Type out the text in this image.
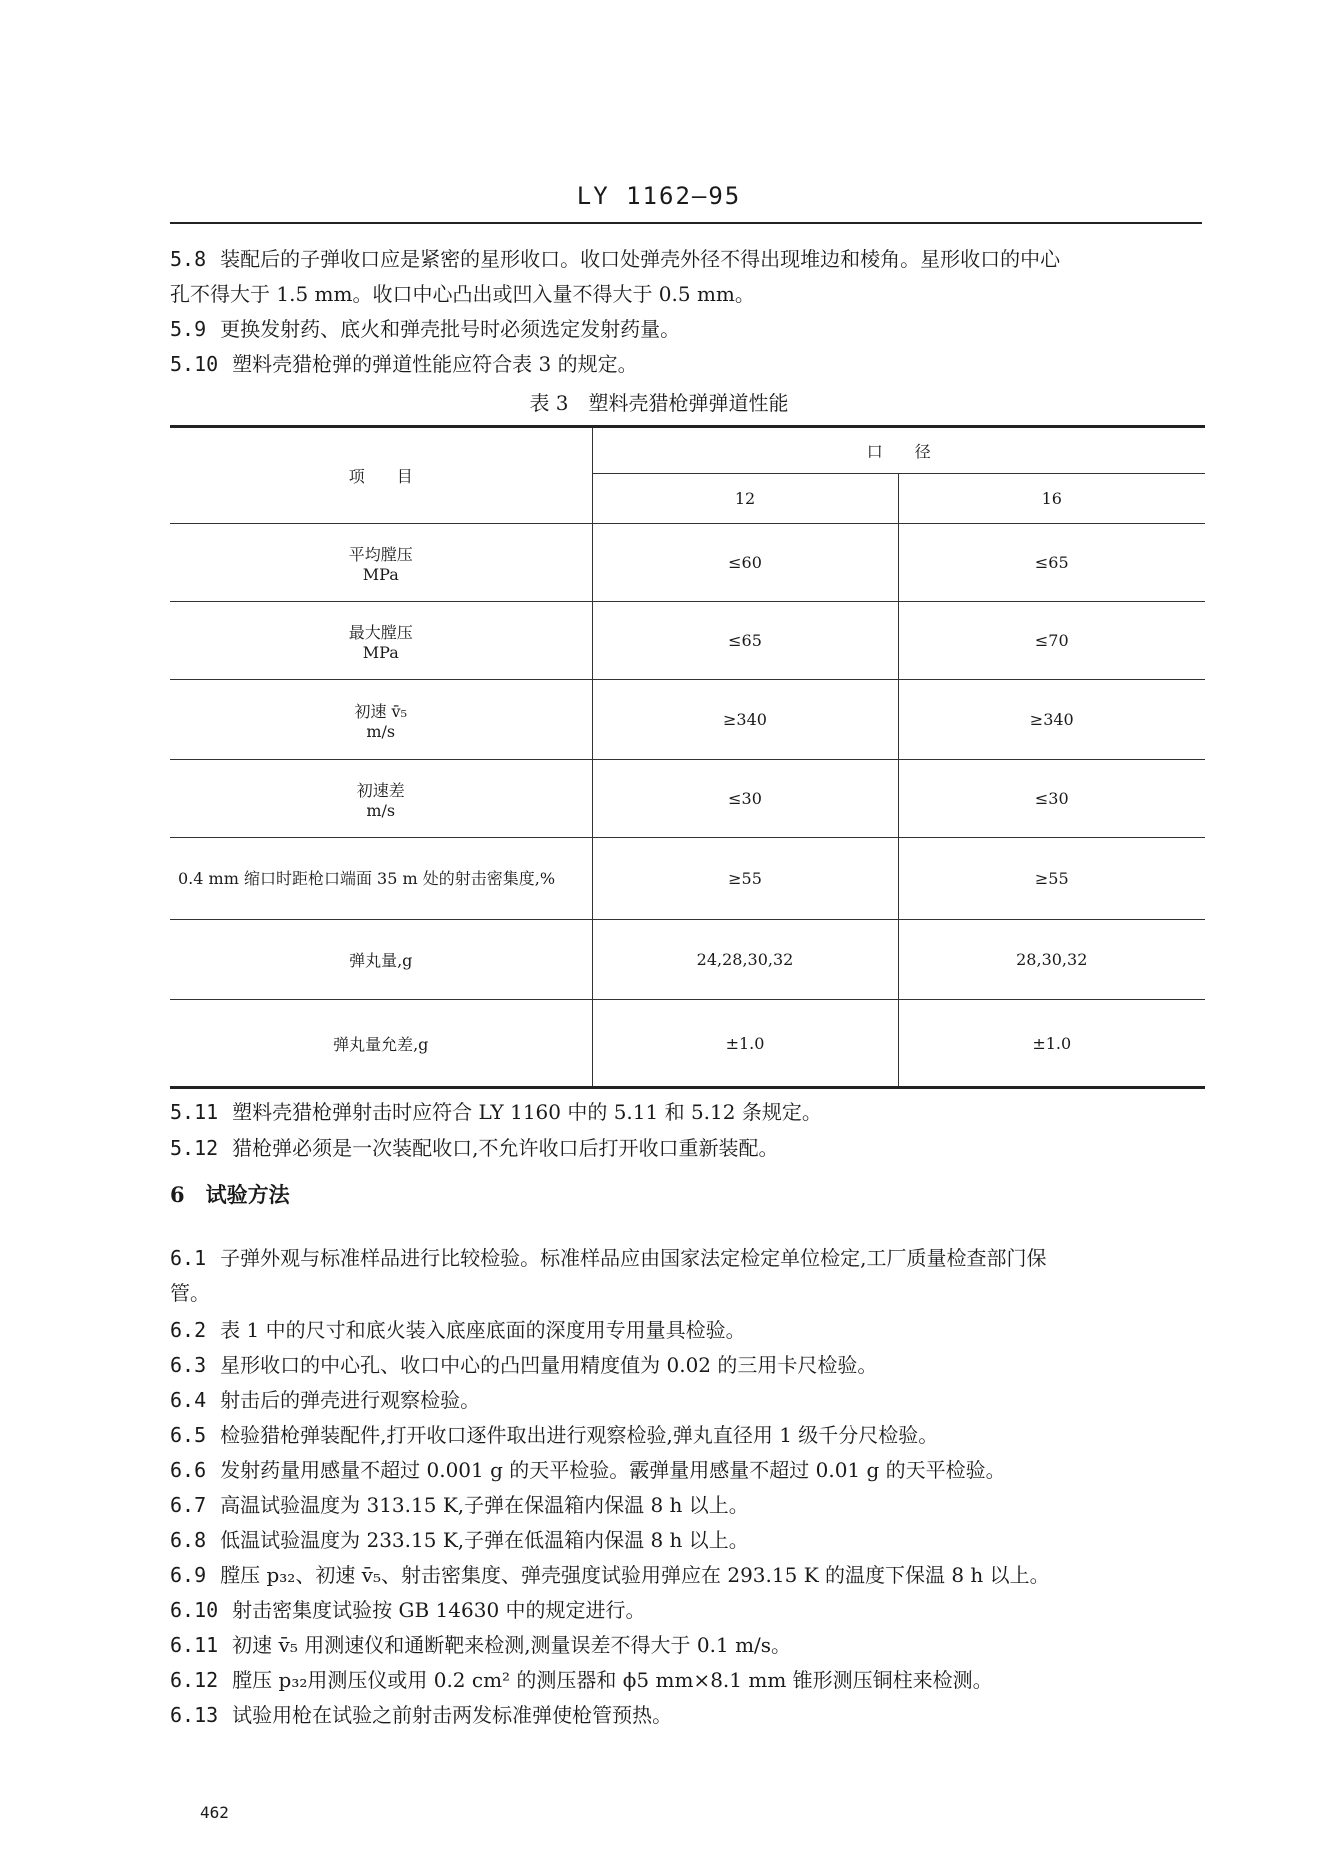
LY 1162—95
5.8 装配后的子弹收口应是紧密的星形收口。收口处弹壳外径不得出现堆边和棱角。星形收口的中心
孔不得大于 1.5 mm。收口中心凸出或凹入量不得大于 0.5 mm。
5.9 更换发射药、底火和弹壳批号时必须选定发射药量。
5.10 塑料壳猎枪弹的弹道性能应符合表 3 的规定。
表 3　塑料壳猎枪弹弹道性能
项　　目	口　　径	
	12	16

平均膛压
MPa	≤60	≤65

最大膛压
MPa	≤65	≤70

初速 v̄₅
m/s	≥340	≥340

初速差
m/s	≤30	≤30
0.4 mm 缩口时距枪口端面 35 m 处的射击密集度,%	≥55	≥55
弹丸量,g	24,28,30,32	28,30,32
弹丸量允差,g	±1.0	±1.0
5.11 塑料壳猎枪弹射击时应符合 LY 1160 中的 5.11 和 5.12 条规定。
5.12 猎枪弹必须是一次装配收口,不允许收口后打开收口重新装配。
6　试验方法
6.1 子弹外观与标准样品进行比较检验。标准样品应由国家法定检定单位检定,工厂质量检查部门保
管。
6.2 表 1 中的尺寸和底火装入底座底面的深度用专用量具检验。
6.3 星形收口的中心孔、收口中心的凸凹量用精度值为 0.02 的三用卡尺检验。
6.4 射击后的弹壳进行观察检验。
6.5 检验猎枪弹装配件,打开收口逐件取出进行观察检验,弹丸直径用 1 级千分尺检验。
6.6 发射药量用感量不超过 0.001 g 的天平检验。霰弹量用感量不超过 0.01 g 的天平检验。
6.7 高温试验温度为 313.15 K,子弹在保温箱内保温 8 h 以上。
6.8 低温试验温度为 233.15 K,子弹在低温箱内保温 8 h 以上。
6.9 膛压 p₃₂、初速 v̄₅、射击密集度、弹壳强度试验用弹应在 293.15 K 的温度下保温 8 h 以上。
6.10 射击密集度试验按 GB 14630 中的规定进行。
6.11 初速 v̄₅ 用测速仪和通断靶来检测,测量误差不得大于 0.1 m/s。
6.12 膛压 p₃₂用测压仪或用 0.2 cm² 的测压器和 ϕ5 mm×8.1 mm 锥形测压铜柱来检测。
6.13 试验用枪在试验之前射击两发标准弹使枪管预热。
462
